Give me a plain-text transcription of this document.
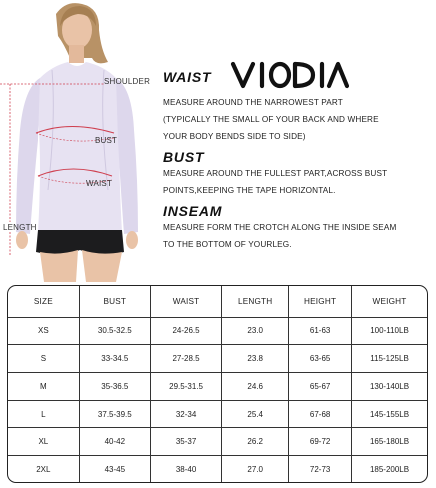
SHOULDER
BUST
WAIST
LENGTH
WAIST
MEASURE AROUND THE NARROWEST PART
(TYPICALLY THE SMALL OF YOUR BACK AND WHERE
YOUR BODY BENDS SIDE TO SIDE)
BUST
MEASURE AROUND THE FULLEST PART,ACROSS BUST
POINTS,KEEPING THE TAPE HORIZONTAL.
INSEAM
MEASURE FORM THE CROTCH ALONG THE INSIDE SEAM
TO THE BOTTOM OF YOURLEG.
SIZE	BUST	WAIST	LENGTH	HEIGHT	WEIGHT
XS	30.5-32.5	24-26.5	23.0	61-63	100-110LB
S	33-34.5	27-28.5	23.8	63-65	115-125LB
M	35-36.5	29.5-31.5	24.6	65-67	130-140LB
L	37.5-39.5	32-34	25.4	67-68	145-155LB
XL	40-42	35-37	26.2	69-72	165-180LB
2XL	43-45	38-40	27.0	72-73	185-200LB
